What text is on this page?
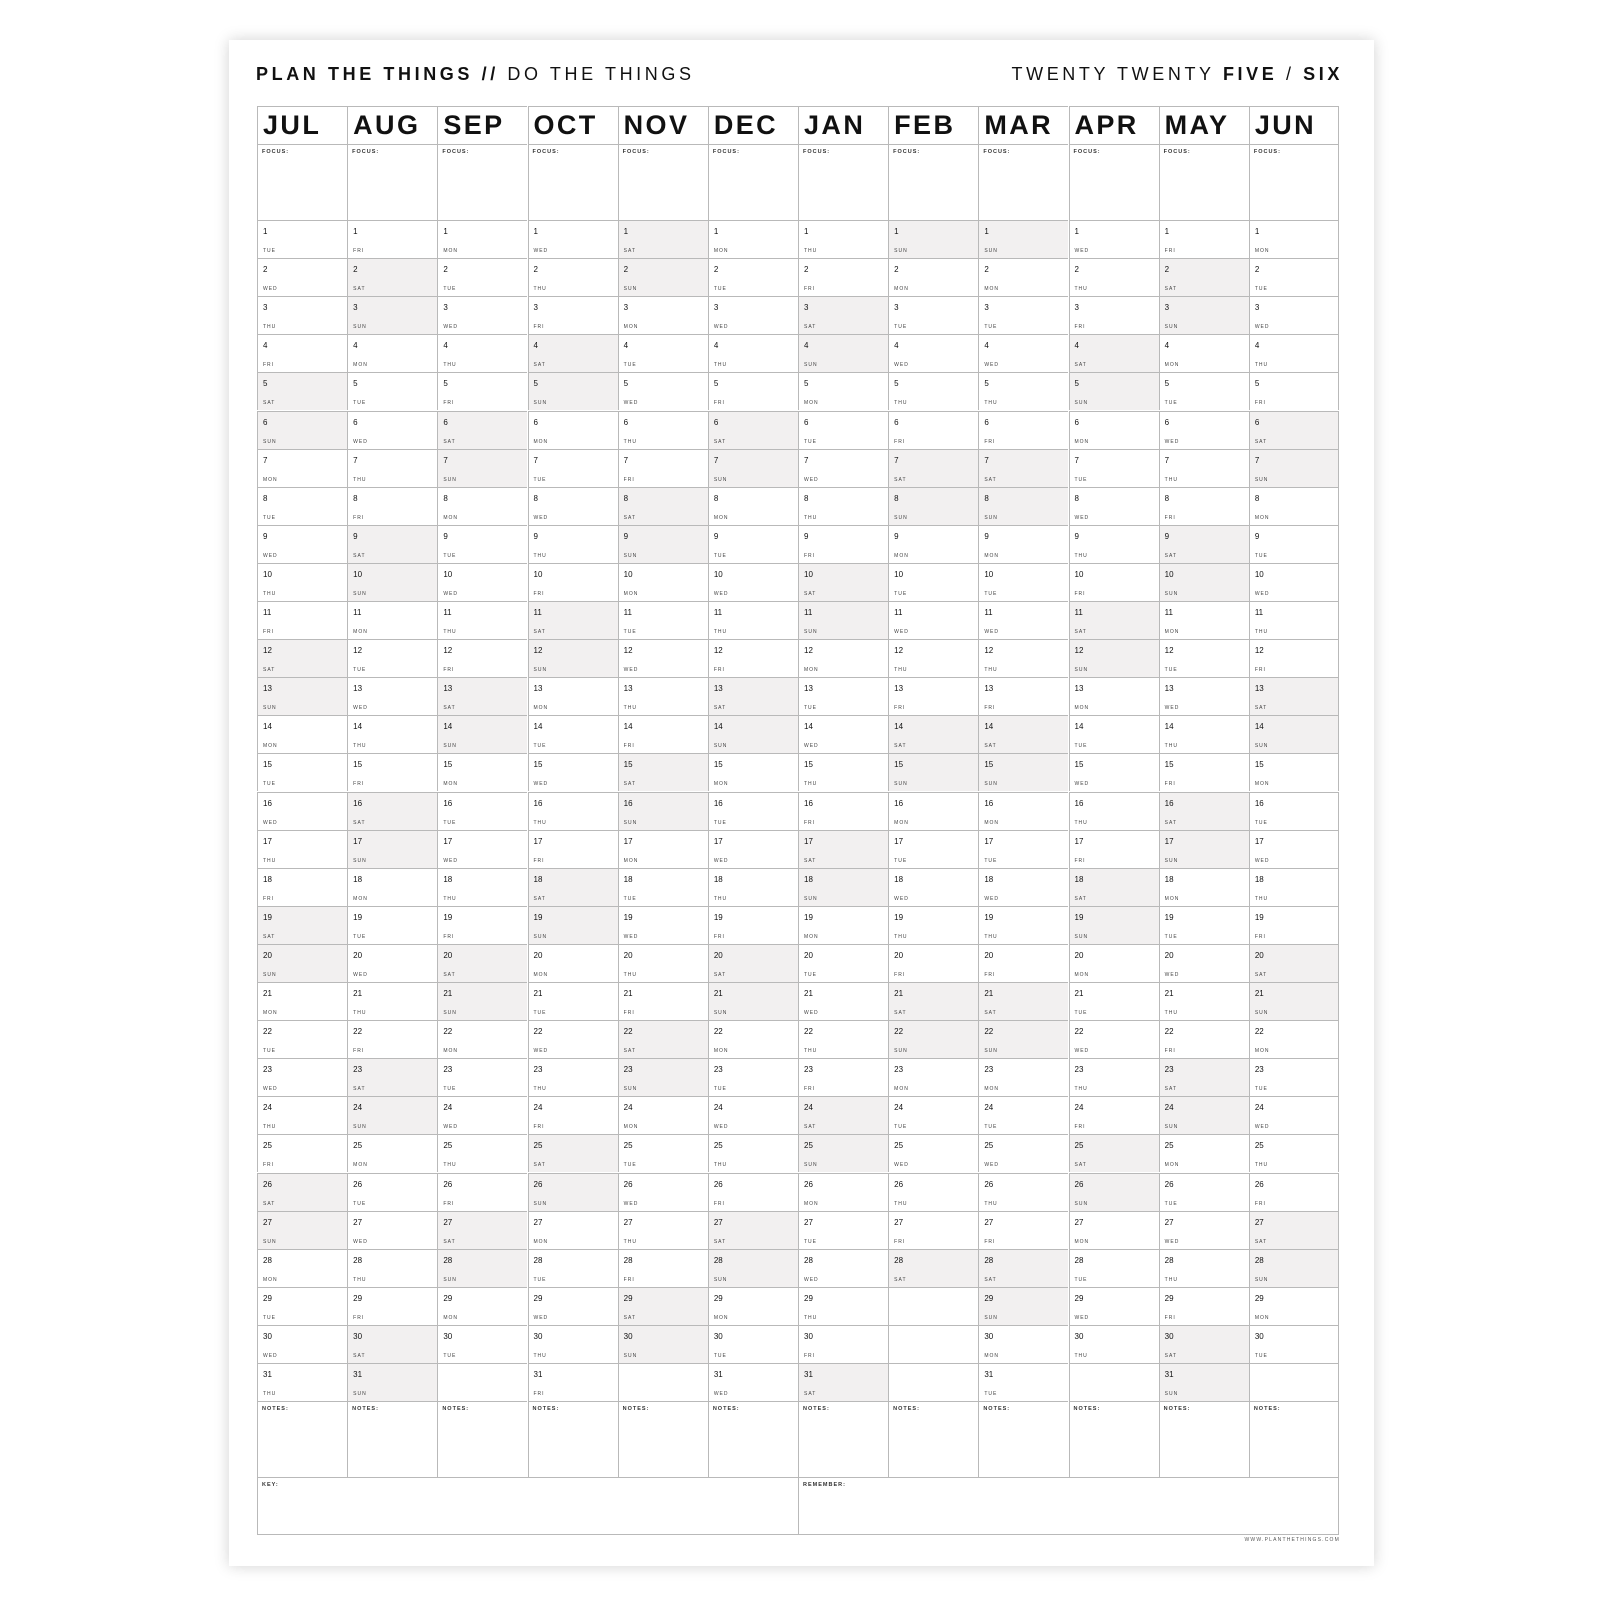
PLAN THE THINGS // DO THE THINGS	TWENTY TWENTY FIVE / SIX
JUL
FOCUS:
1
TUE
2
WED
3
THU
4
FRI
5
SAT
6
SUN
7
MON
8
TUE
9
WED
10
THU
11
FRI
12
SAT
13
SUN
14
MON
15
TUE
16
WED
17
THU
18
FRI
19
SAT
20
SUN
21
MON
22
TUE
23
WED
24
THU
25
FRI
26
SAT
27
SUN
28
MON
29
TUE
30
WED
31
THU
NOTES:
AUG
FOCUS:
1
FRI
2
SAT
3
SUN
4
MON
5
TUE
6
WED
7
THU
8
FRI
9
SAT
10
SUN
11
MON
12
TUE
13
WED
14
THU
15
FRI
16
SAT
17
SUN
18
MON
19
TUE
20
WED
21
THU
22
FRI
23
SAT
24
SUN
25
MON
26
TUE
27
WED
28
THU
29
FRI
30
SAT
31
SUN
NOTES:
SEP
FOCUS:
1
MON
2
TUE
3
WED
4
THU
5
FRI
6
SAT
7
SUN
8
MON
9
TUE
10
WED
11
THU
12
FRI
13
SAT
14
SUN
15
MON
16
TUE
17
WED
18
THU
19
FRI
20
SAT
21
SUN
22
MON
23
TUE
24
WED
25
THU
26
FRI
27
SAT
28
SUN
29
MON
30
TUE
NOTES:
OCT
FOCUS:
1
WED
2
THU
3
FRI
4
SAT
5
SUN
6
MON
7
TUE
8
WED
9
THU
10
FRI
11
SAT
12
SUN
13
MON
14
TUE
15
WED
16
THU
17
FRI
18
SAT
19
SUN
20
MON
21
TUE
22
WED
23
THU
24
FRI
25
SAT
26
SUN
27
MON
28
TUE
29
WED
30
THU
31
FRI
NOTES:
NOV
FOCUS:
1
SAT
2
SUN
3
MON
4
TUE
5
WED
6
THU
7
FRI
8
SAT
9
SUN
10
MON
11
TUE
12
WED
13
THU
14
FRI
15
SAT
16
SUN
17
MON
18
TUE
19
WED
20
THU
21
FRI
22
SAT
23
SUN
24
MON
25
TUE
26
WED
27
THU
28
FRI
29
SAT
30
SUN
NOTES:
DEC
FOCUS:
1
MON
2
TUE
3
WED
4
THU
5
FRI
6
SAT
7
SUN
8
MON
9
TUE
10
WED
11
THU
12
FRI
13
SAT
14
SUN
15
MON
16
TUE
17
WED
18
THU
19
FRI
20
SAT
21
SUN
22
MON
23
TUE
24
WED
25
THU
26
FRI
27
SAT
28
SUN
29
MON
30
TUE
31
WED
NOTES:
JAN
FOCUS:
1
THU
2
FRI
3
SAT
4
SUN
5
MON
6
TUE
7
WED
8
THU
9
FRI
10
SAT
11
SUN
12
MON
13
TUE
14
WED
15
THU
16
FRI
17
SAT
18
SUN
19
MON
20
TUE
21
WED
22
THU
23
FRI
24
SAT
25
SUN
26
MON
27
TUE
28
WED
29
THU
30
FRI
31
SAT
NOTES:
FEB
FOCUS:
1
SUN
2
MON
3
TUE
4
WED
5
THU
6
FRI
7
SAT
8
SUN
9
MON
10
TUE
11
WED
12
THU
13
FRI
14
SAT
15
SUN
16
MON
17
TUE
18
WED
19
THU
20
FRI
21
SAT
22
SUN
23
MON
24
TUE
25
WED
26
THU
27
FRI
28
SAT
NOTES:
MAR
FOCUS:
1
SUN
2
MON
3
TUE
4
WED
5
THU
6
FRI
7
SAT
8
SUN
9
MON
10
TUE
11
WED
12
THU
13
FRI
14
SAT
15
SUN
16
MON
17
TUE
18
WED
19
THU
20
FRI
21
SAT
22
SUN
23
MON
24
TUE
25
WED
26
THU
27
FRI
28
SAT
29
SUN
30
MON
31
TUE
NOTES:
APR
FOCUS:
1
WED
2
THU
3
FRI
4
SAT
5
SUN
6
MON
7
TUE
8
WED
9
THU
10
FRI
11
SAT
12
SUN
13
MON
14
TUE
15
WED
16
THU
17
FRI
18
SAT
19
SUN
20
MON
21
TUE
22
WED
23
THU
24
FRI
25
SAT
26
SUN
27
MON
28
TUE
29
WED
30
THU
NOTES:
MAY
FOCUS:
1
FRI
2
SAT
3
SUN
4
MON
5
TUE
6
WED
7
THU
8
FRI
9
SAT
10
SUN
11
MON
12
TUE
13
WED
14
THU
15
FRI
16
SAT
17
SUN
18
MON
19
TUE
20
WED
21
THU
22
FRI
23
SAT
24
SUN
25
MON
26
TUE
27
WED
28
THU
29
FRI
30
SAT
31
SUN
NOTES:
JUN
FOCUS:
1
MON
2
TUE
3
WED
4
THU
5
FRI
6
SAT
7
SUN
8
MON
9
TUE
10
WED
11
THU
12
FRI
13
SAT
14
SUN
15
MON
16
TUE
17
WED
18
THU
19
FRI
20
SAT
21
SUN
22
MON
23
TUE
24
WED
25
THU
26
FRI
27
SAT
28
SUN
29
MON
30
TUE
NOTES:
KEY:	REMEMBER:
WWW.PLANTHETHINGS.COM
